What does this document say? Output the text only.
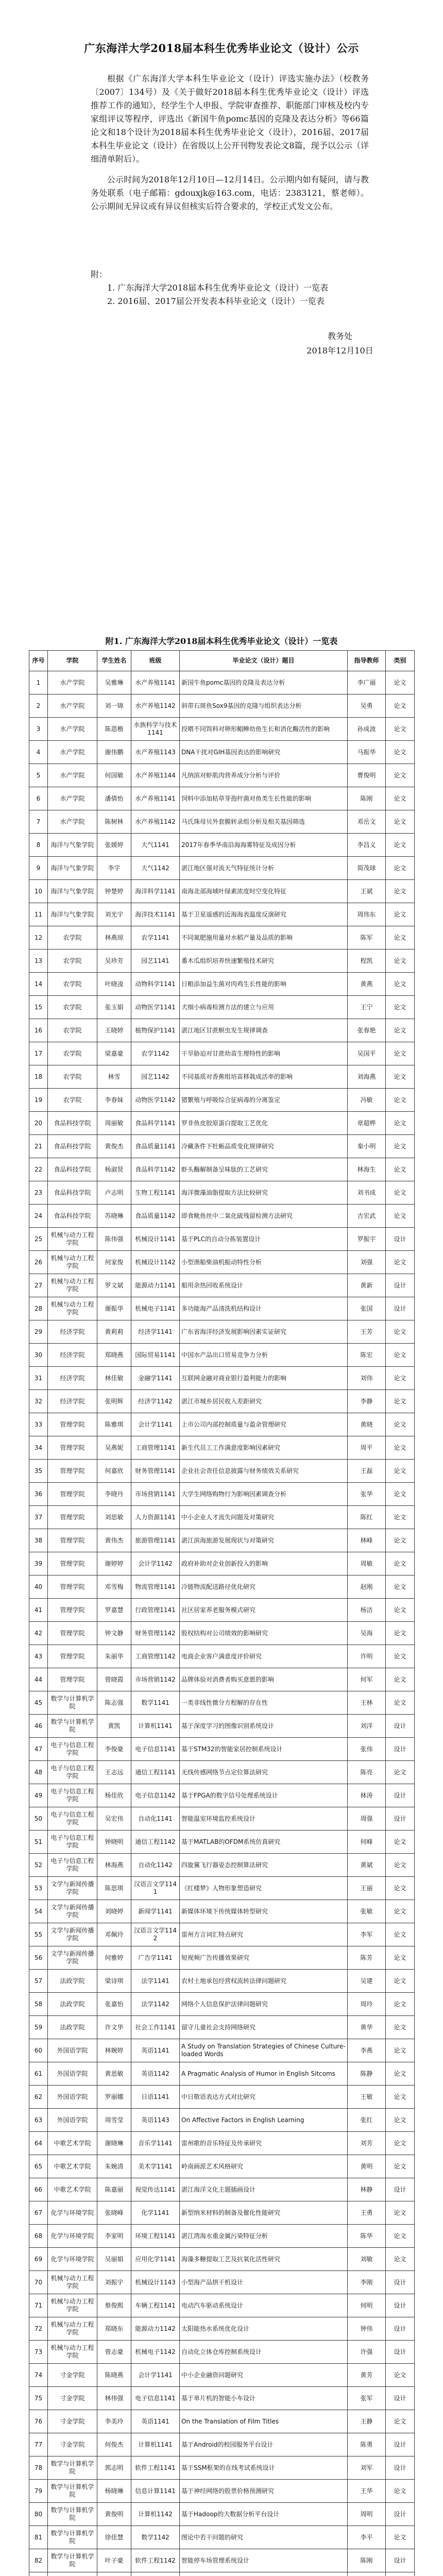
广东海洋大学2018届本科生优秀毕业论文（设计）公示

根据《广东海洋大学本科生毕业论文（设计）评选实施办法》（校教务〔2007〕134号）及《关于做好2018届本科生优秀毕业论文（设计）评选推荐工作的通知》，经学生个人申报、学院审查推荐、职能部门审核及校内专家组评议等程序，评选出《新国牛鱼pomc基因的克隆及表达分析》等66篇论文和18个设计为2018届本科生优秀毕业论文（设计），2016届、2017届本科生毕业论文（设计）在省级以上公开刊物发表论文8篇，现予以公示（详细清单附后）。

公示时间为2018年12月10日—12月14日。公示期内如有疑问，请与教务处联系（电子邮箱：gdouxjk@163.com，电话：2383121，蔡老师）。公示期间无异议或有异议但核实后符合要求的，学校正式发文公布。

附：
1. 广东海洋大学2018届本科生优秀毕业论文（设计）一览表
2. 2016届、2017届公开发表本科毕业论文（设计）一览表
教务处
2018年12月10日
附1. 广东海洋大学2018届本科生优秀毕业论文（设计）一览表
序号	学院	学生姓名	班级	毕业论文（设计）题目	指导教师	类别
1	水产学院	吴雅琳	水产养殖1141	新国牛鱼pomc基因的克隆及表达分析	李广丽	论文
2	水产学院	刘一锦	水产养殖1142	斜带石斑鱼Sox9基因的克隆与组织表达分析	吴勇	论文
3	水产学院	陈恩楷	水族科学与技术1141	投喂不同饵料对卵形鲳鲹幼鱼生长和消化酶活性的影响	孙成波	论文
4	水产学院	谢伟鹏	水产养殖1143	DNA干扰对GIH基因表达的影响研究	马振华	论文
5	水产学院	何国敏	水产养殖1144	凡纳滨对虾肌肉营养成分分析与评价	曹俊明	论文
6	水产学院	潘倩怡	水产养殖1141	饲料中添加枯草芽孢杆菌对鱼类生长性能的影响	陈刚	论文
7	水产学院	陈树林	水产养殖1142	马氏珠母贝外套膜转录组分析及相关基因筛选	邓岳文	论文
8	海洋与气象学院	张媛婷	大气1141	2017年春季华南沿海海雾特征及成因分析	李昌义	论文
9	海洋与气象学院	李宇	大气1142	湛江地区强对流天气特征统计分析	简茂球	论文
10	海洋与气象学院	钟楚婷	海洋科学1141	南海北部海域叶绿素浓度时空变化特征	王斌	论文
11	海洋与气象学院	刘光宇	海洋技术1141	基于卫星遥感的近海海表温度反演研究	周伟东	论文
12	农学院	林燕琼	农学1141	不同氮肥施用量对水稻产量及品质的影响	陈军	论文
13	农学院	吴珍芳	园艺1141	番木瓜组织培养快速繁殖技术研究	程凯	论文
14	农学院	叶晓凌	动物科学1141	日粮添加益生菌对肉鸡生长性能的影响	黄燕	论文
15	农学院	张玉娟	动物医学1141	犬细小病毒检测方法的建立与应用	王宁	论文
16	农学院	王晓婷	植物保护1141	湛江地区甘蔗螟虫发生规律调查	张春艳	论文
17	农学院	梁嘉豪	农学1142	干旱胁迫对甘蔗幼苗生理特性的影响	吴国平	论文
18	农学院	林雪	园艺1142	不同基质对香蕉组培苗移栽成活率的影响	刘海燕	论文
19	农学院	李春妹	动物医学1142	猪繁殖与呼吸综合征病毒的分离鉴定	冯敏	论文
20	食品科技学院	周丽敏	食品科学1141	罗非鱼皮胶原蛋白提取工艺优化	章超桦	论文
21	食品科技学院	黄俊杰	食品质量1141	冷藏条件下牡蛎品质变化规律研究	秦小明	论文
22	食品科技学院	杨淑贤	食品科学1142	虾头酶解制备呈味肽的工艺研究	林海生	论文
23	食品科技学院	卢志明	生物工程1141	海洋微藻油脂提取方法比较研究	刘书成	论文
24	食品科技学院	苏晓琳	食品质量1142	即食鱿鱼丝中二氧化硫残留检测方法研究	吉宏武	论文
25	机械与动力工程学院	陈伟强	机械设计1141	基于PLC的自动分拣装置设计	罗振宇	设计
26	机械与动力工程学院	何家俊	机械设计1142	小型渔船柴油机振动特性分析	刘强	论文
27	机械与动力工程学院	罗文斌	能源动力1141	船用余热回收系统设计	黄新	设计
28	机械与动力工程学院	谢振华	机械电子1141	多功能海产品清洗机结构设计	张国	设计
29	经济学院	黄莉莉	经济学1141	广东省海洋经济发展影响因素实证研究	王芳	论文
30	经济学院	郑晓燕	国际贸易1141	中国水产品出口贸易竞争力分析	陈宏	论文
31	经济学院	林佳敏	金融学1141	互联网金融对商业银行盈利能力的影响	刘伟	论文
32	经济学院	张明辉	经济学1142	湛江市城乡居民收入差距研究	李静	论文
33	管理学院	陈雅琪	会计学1141	上市公司内部控制质量与盈余管理研究	黄晓	论文
34	管理学院	吴燕妮	工商管理1141	新生代员工工作满意度影响因素研究	周平	论文
35	管理学院	何嘉欣	财务管理1141	企业社会责任信息披露与财务绩效关系研究	王磊	论文
36	管理学院	李晓丹	市场营销1141	大学生网络购物行为影响因素调查分析	张华	论文
37	管理学院	刘思敏	人力资源1141	中小企业人才流失问题及对策研究	陈红	论文
38	管理学院	黄伟杰	旅游管理1141	湛江滨海旅游发展现状与对策研究	林峰	论文
39	管理学院	谢婷婷	会计学1142	政府补助对企业创新投入的影响	周敏	论文
40	管理学院	邓雪梅	物流管理1141	冷链物流配送路径优化研究	赵刚	论文
41	管理学院	罗嘉慧	行政管理1141	社区居家养老服务模式研究	杨洁	论文
42	管理学院	钟文静	财务管理1142	股权结构对公司绩效的影响研究	吴海	论文
43	管理学院	朱丽华	工商管理1142	电商企业客户满意度评价研究	许明	论文
44	管理学院	曾晓霞	市场营销1142	品牌体验对消费者购买意愿的影响	何军	论文
45	数学与计算机学院	陈志强	数学1141	一类非线性微分方程解的存在性	王林	论文
46	数学与计算机学院	黄凯	计算机1141	基于深度学习的图像识别系统设计	刘洋	设计
47	电子与信息工程学院	李俊豪	电子信息1141	基于STM32的智能家居控制系统设计	张伟	设计
48	电子与信息工程学院	王志远	通信工程1141	无线传感网络节点定位算法研究	陈亮	论文
49	电子与信息工程学院	杨佳欣	电子信息1142	基于FPGA的数字信号处理系统设计	林涛	设计
50	电子与信息工程学院	吴宏伟	自动化1141	智能温室环境监控系统设计	周强	设计
51	电子与信息工程学院	钟晓明	通信工程1142	基于MATLAB的OFDM系统仿真研究	何峰	论文
52	电子与信息工程学院	林海燕	自动化1142	四旋翼飞行器姿态控制算法研究	黄斌	论文
53	文学与新闻传播学院	陈思琪	汉语言文学1141	《红楼梦》人物形象塑造研究	王丽	论文
54	文学与新闻传播学院	刘晓婷	新闻学1141	新媒体环境下传统媒体转型研究	张敏	论文
55	文学与新闻传播学院	邓佩玲	汉语言文学1142	雷州方言词汇特点研究	李军	论文
56	文学与新闻传播学院	何雅婷	广告学1141	短视频广告传播效果研究	陈芳	论文
57	法政学院	梁诗琪	法学1141	农村土地承包经营权流转法律问题研究	吴建	论文
58	法政学院	张嘉怡	法学1142	网络个人信息保护法律问题研究	周玲	论文
59	法政学院	许文华	社会工作1141	留守儿童社会支持网络研究	黄华	论文
60	外国语学院	林婉婷	英语1141	A Study on Translation Strategies of Chinese Culture-loaded Words	李燕	论文
61	外国语学院	黄思敏	英语1142	A Pragmatic Analysis of Humor in English Sitcoms	陈静	论文
62	外国语学院	罗丽娜	日语1141	中日敬语表达方式对比研究	王敏	论文
63	外国语学院	周雪莹	英语1143	On Affective Factors in English Learning	张红	论文
64	中歌艺术学院	谢晓琳	音乐学1141	雷州歌的音乐特征及传承研究	刘芳	论文
65	中歌艺术学院	朱婉清	美术学1141	岭南画派艺术风格研究	黄明	论文
66	中歌艺术学院	陈嘉丽	视觉传达1141	湛江海洋文化主题插画设计	林静	设计
67	化学与环境学院	张晓峰	化学1141	新型纳米材料的制备及催化性能研究	王勇	论文
68	化学与环境学院	李家明	环境工程1141	湛江湾海水重金属污染特征分析	陈华	论文
69	化学与环境学院	吴丽娟	应用化学1141	海藻多糖提取工艺及抗氧化活性研究	刘敏	论文
70	机械与动力工程学院	刘振宇	机械设计1143	小型海产品烘干机设计	李刚	设计
71	机械与动力工程学院	蔡俊熙	车辆工程1141	电动汽车驱动系统设计	何明	设计
72	机械与动力工程学院	郑晓东	能源动力1142	太阳能热水系统优化设计	钟伟	设计
73	机械与动力工程学院	曾志豪	机械电子1142	自动化立体仓库控制系统设计	许强	设计
74	寸金学院	陈晓燕	会计学1141	中小企业融资问题研究	黄芳	论文
75	寸金学院	林伟强	电子信息1141	基于单片机的智能小车设计	张军	设计
76	寸金学院	李美玲	英语1141	On the Translation of Film Titles	王静	论文
77	寸金学院	何俊杰	计算机1141	基于Android的校园服务平台设计	陈勇	设计
78	数学与计算机学院	郭志明	软件工程1141	基于SSM框架的在线考试系统设计	刘军	设计
79	数学与计算机学院	杨晓琳	信息计算1141	基于神经网络的股票价格预测研究	王华	论文
80	数学与计算机学院	黄俊明	计算机1142	基于Hadoop的大数据分析平台设计	周明	设计
81	数学与计算机学院	徐佳慧	数学1142	图论中若干问题的研究	李平	论文
82	数学与计算机学院	叶子豪	软件工程1142	智能停车场管理系统设计	陈刚	设计
